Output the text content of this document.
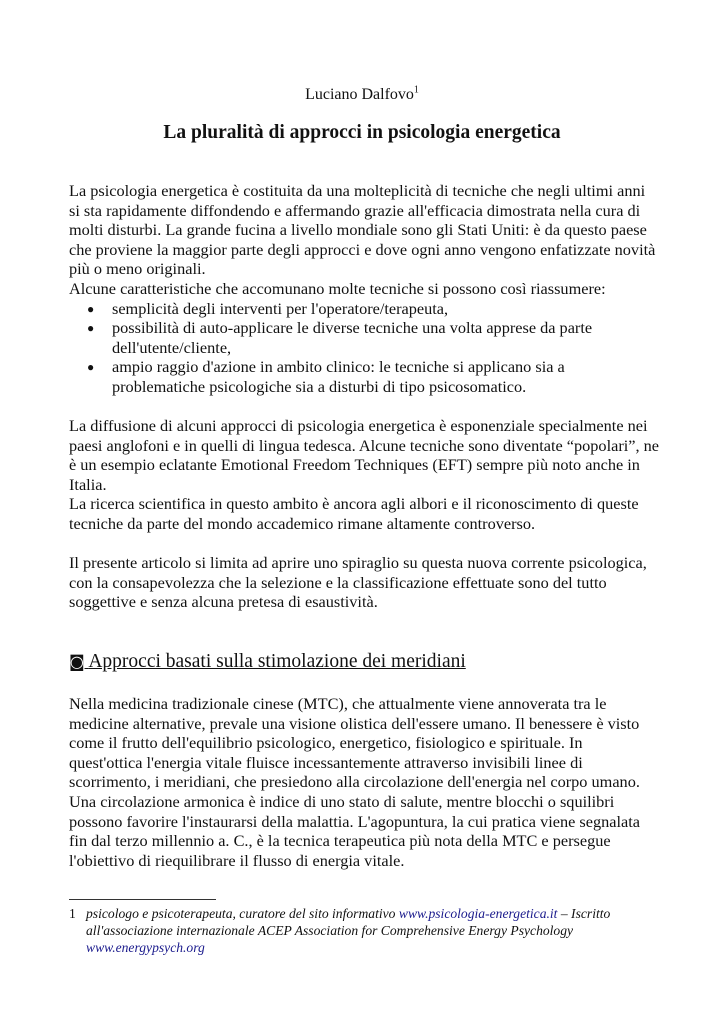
Luciano Dalfovo$^1$
La pluralità di approcci in psicologia energetica

La psicologia energetica è costituita da una molteplicità di tecniche che negli ultimi anni si sta rapidamente diffondendo e affermando grazie all'efficacia dimostrata nella cura di molti disturbi. La grande fucina a livello mondiale sono gli Stati Uniti: è da questo paese che proviene la maggior parte degli approcci e dove ogni anno vengono enfatizzate novità più o meno originali.

Alcune caratteristiche che accomunano molte tecniche si possono così riassumere:

● semplicità degli interventi per l'operatore/terapeuta,
● possibilità di auto-applicare le diverse tecniche una volta apprese da parte dell'utente/cliente,
● ampio raggio d'azione in ambito clinico: le tecniche si applicano sia a problematiche psicologiche sia a disturbi di tipo psicosomatico.

La diffusione di alcuni approcci di psicologia energetica è esponenziale specialmente nei paesi anglofoni e in quelli di lingua tedesca. Alcune tecniche sono diventate “popolari”, ne è un esempio eclatante Emotional Freedom Techniques (EFT) sempre più noto anche in Italia.

La ricerca scientifica in questo ambito è ancora agli albori e il riconoscimento di queste tecniche da parte del mondo accademico rimane altamente controverso.

Il presente articolo si limita ad aprire uno spiraglio su questa nuova corrente psicologica, con la consapevolezza che la selezione e la classificazione effettuate sono del tutto soggettive e senza alcuna pretesa di esaustività.

◙ Approcci basati sulla stimolazione dei meridiani

Nella medicina tradizionale cinese (MTC), che attualmente viene annoverata tra le medicine alternative, prevale una visione olistica dell'essere umano. Il benessere è visto come il frutto dell'equilibrio psicologico, energetico, fisiologico e spirituale. In quest'ottica l'energia vitale fluisce incessantemente attraverso invisibili linee di scorrimento, i meridiani, che presiedono alla circolazione dell'energia nel corpo umano. Una circolazione armonica è indice di uno stato di salute, mentre blocchi o squilibri possono favorire l'instaurarsi della malattia. L'agopuntura, la cui pratica viene segnalata fin dal terzo millennio a. C., è la tecnica terapeutica più nota della MTC e persegue l'obiettivo di riequilibrare il flusso di energia vitale.

1 psicologo e psicoterapeuta, curatore del sito informativo www.psicologia-energetica.it – Iscritto all'associazione internazionale ACEP Association for Comprehensive Energy Psychology www.energypsych.org
